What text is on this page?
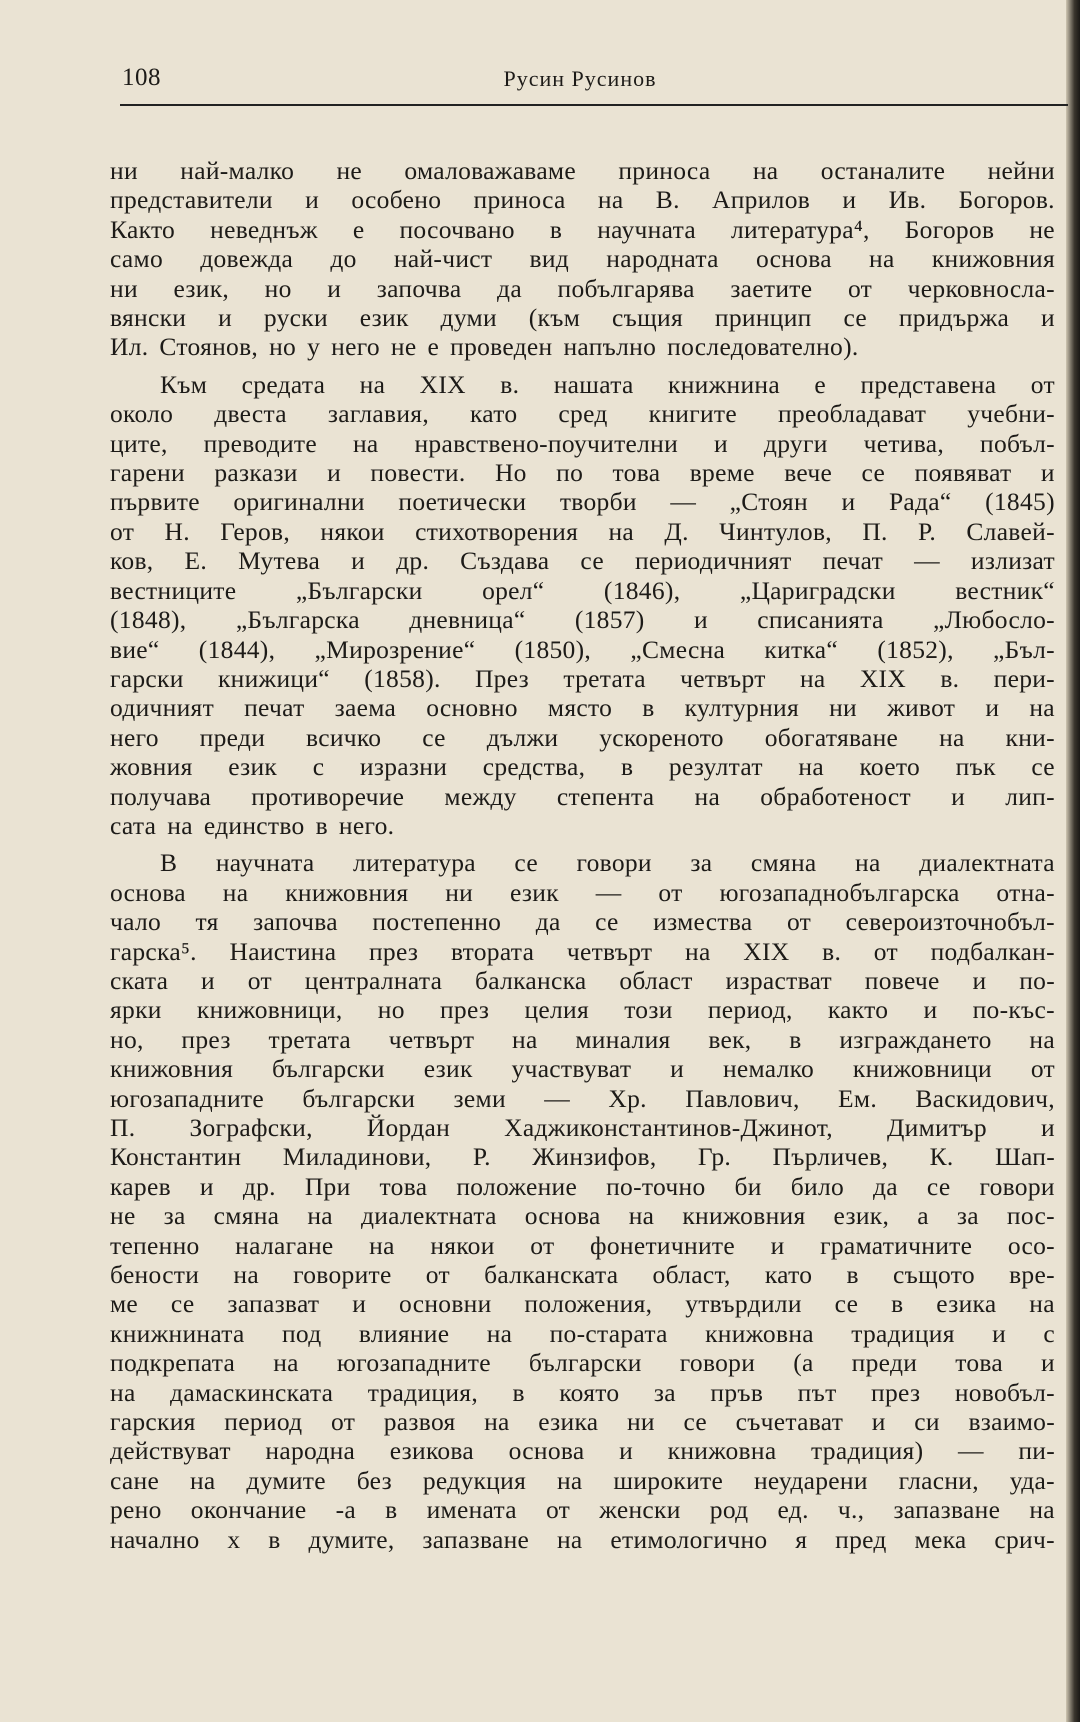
108	Русин Русинов
ни най-малко не омаловажаваме приноса на останалите нейни
представители и особено приноса на В. Априлов и Ив. Богоров.
Както неведнъж е посочвано в научната литература⁴, Богоров не
само довежда до най-чист вид народната основа на книжовния
ни език, но и започва да побългарява заетите от черковносла-
вянски и руски език думи (към същия принцип се придържа и
Ил. Стоянов, но у него не е проведен напълно последователно).
Към средата на XIX в. нашата книжнина е представена от
около двеста заглавия, като сред книгите преобладават учебни-
ците, преводите на нравствено-поучителни и други четива, побъл-
гарени разкази и повести. Но по това време вече се появяват и
първите оригинални поетически творби — „Стоян и Рада“ (1845)
от Н. Геров, някои стихотворения на Д. Чинтулов, П. Р. Славей-
ков, Е. Мутева и др. Създава се периодичният печат — излизат
вестниците „Български орел“ (1846), „Цариградски вестник“
(1848), „Българска дневница“ (1857) и списанията „Любосло-
вие“ (1844), „Мирозрение“ (1850), „Смесна китка“ (1852), „Бъл-
гарски книжици“ (1858). През третата четвърт на XIX в. пери-
одичният печат заема основно място в културния ни живот и на
него преди всичко се дължи ускореното обогатяване на кни-
жовния език с изразни средства, в резултат на което пък се
получава противоречие между степента на обработеност и лип-
сата на единство в него.
В научната литература се говори за смяна на диалектната
основа на книжовния ни език — от югозападнобългарска отна-
чало тя започва постепенно да се измества от североизточнобъл-
гарска⁵. Наистина през втората четвърт на XIX в. от подбалкан-
ската и от централната балканска област израстват повече и по-
ярки книжовници, но през целия този период, както и по-къс-
но, през третата четвърт на миналия век, в изграждането на
книжовния български език участвуват и немалко книжовници от
югозападните български земи — Хр. Павлович, Ем. Васкидович,
П. Зографски, Йордан Хаджиконстантинов-Джинот, Димитър и
Константин Миладинови, Р. Жинзифов, Гр. Пърличев, К. Шап-
карев и др. При това положение по-точно би било да се говори
не за смяна на диалектната основа на книжовния език, а за пос-
тепенно налагане на някои от фонетичните и граматичните осо-
бености на говорите от балканската област, като в същото вре-
ме се запазват и основни положения, утвърдили се в езика на
книжнината под влияние на по-старата книжовна традиция и с
подкрепата на югозападните български говори (а преди това и
на дамаскинската традиция, в която за пръв път през новобъл-
гарския период от развоя на езика ни се съчетават и си взаимо-
действуват народна езикова основа и книжовна традиция) — пи-
сане на думите без редукция на широките неударени гласни, уда-
рено окончание -а в имената от женски род ед. ч., запазване на
начално х в думите, запазване на етимологично я пред мека срич-
